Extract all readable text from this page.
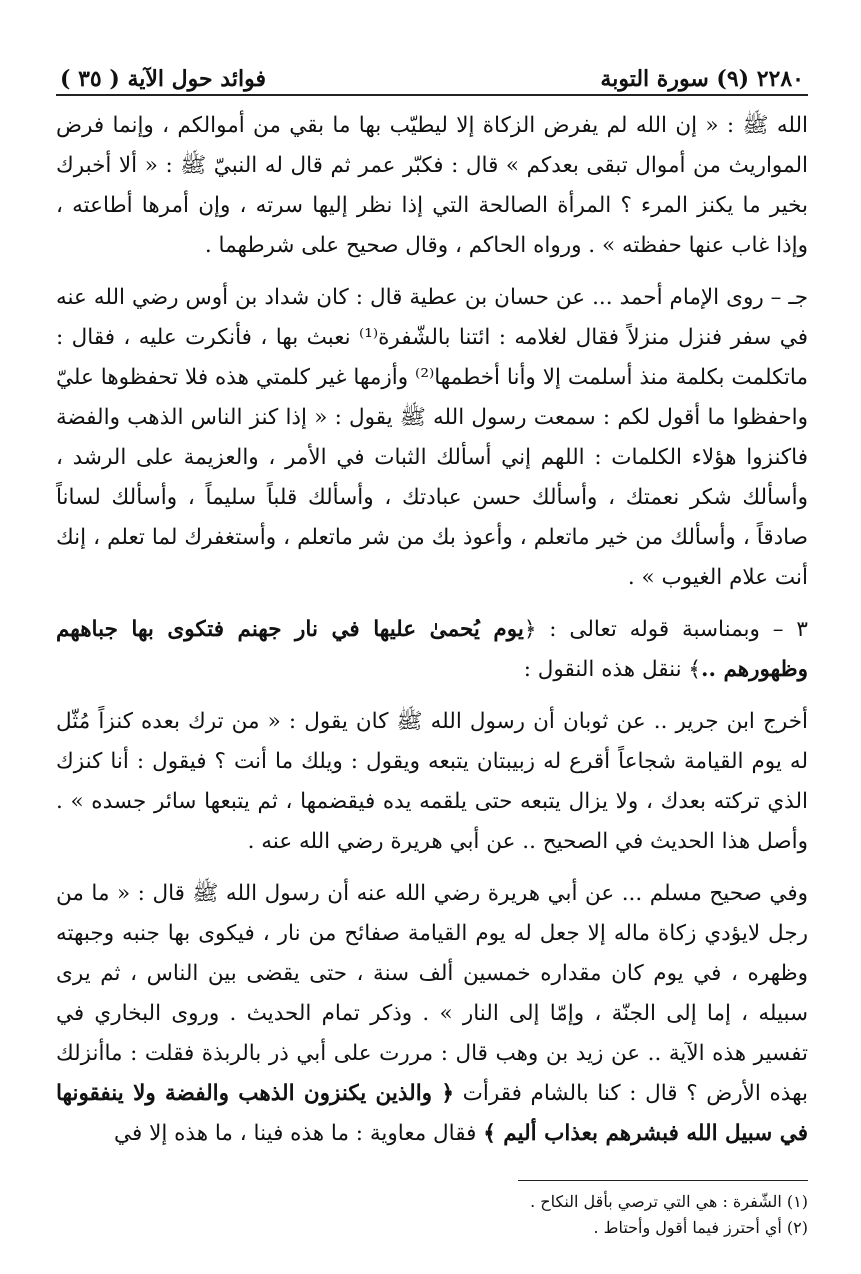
٢٢٨٠ (٩) سورة التوبة
فوائد حول الآية ( ٣٥ )

الله ﷺ : « إن الله لم يفرض الزكاة إلا ليطيّب بها ما بقي من أموالكم ، وإنما فرض المواريث من أموال تبقى بعدكم » قال : فكبّر عمر ثم قال له النبيّ ﷺ : « ألا أخبرك بخير ما يكنز المرء ؟ المرأة الصالحة التي إذا نظر إليها سرته ، وإن أمرها أطاعته ، وإذا غاب عنها حفظته » . ورواه الحاكم ، وقال صحيح على شرطهما .

جـ – روى الإمام أحمد ... عن حسان بن عطية قال : كان شداد بن أوس رضي الله عنه في سفر فنزل منزلاً فقال لغلامه : ائتنا بالشّفرة⁽¹⁾ نعبث بها ، فأنكرت عليه ، فقال : ماتكلمت بكلمة منذ أسلمت إلا وأنا أخطمها⁽²⁾ وأزمها غير كلمتي هذه فلا تحفظوها عليّ واحفظوا ما أقول لكم : سمعت رسول الله ﷺ يقول : « إذا كنز الناس الذهب والفضة فاكنزوا هؤلاء الكلمات : اللهم إني أسألك الثبات في الأمر ، والعزيمة على الرشد ، وأسألك شكر نعمتك ، وأسألك حسن عبادتك ، وأسألك قلباً سليماً ، وأسألك لساناً صادقاً ، وأسألك من خير ماتعلم ، وأعوذ بك من شر ماتعلم ، وأستغفرك لما تعلم ، إنك أنت علام الغيوب » .

٣ – وبمناسبة قوله تعالى : ﴿يوم يُحمىٰ عليها في نار جهنم فتكوى بها جباههم وظهورهم ..﴾ ننقل هذه النقول :

أخرج ابن جرير .. عن ثوبان أن رسول الله ﷺ كان يقول : « من ترك بعده كنزاً مُثّل له يوم القيامة شجاعاً أقرع له زبيبتان يتبعه ويقول : ويلك ما أنت ؟ فيقول : أنا كنزك الذي تركته بعدك ، ولا يزال يتبعه حتى يلقمه يده فيقضمها ، ثم يتبعها سائر جسده » . وأصل هذا الحديث في الصحيح .. عن أبي هريرة رضي الله عنه .

وفي صحيح مسلم ... عن أبي هريرة رضي الله عنه أن رسول الله ﷺ قال : « ما من رجل لايؤدي زكاة ماله إلا جعل له يوم القيامة صفائح من نار ، فيكوى بها جنبه وجبهته وظهره ، في يوم كان مقداره خمسين ألف سنة ، حتى يقضى بين الناس ، ثم يرى سبيله ، إما إلى الجنّة ، وإمّا إلى النار » . وذكر تمام الحديث . وروى البخاري في تفسير هذه الآية .. عن زيد بن وهب قال : مررت على أبي ذر بالربذة فقلت : ماأنزلك بهذه الأرض ؟ قال : كنا بالشام فقرأت ﴿ والذين يكنزون الذهب والفضة ولا ينفقونها في سبيل الله فبشرهم بعذاب أليم ﴾ فقال معاوية : ما هذه فينا ، ما هذه إلا في

(١) الشّفرة : هي التي ترصي بأقل النكاح .
(٢) أي أحترز فيما أقول وأحتاط .
